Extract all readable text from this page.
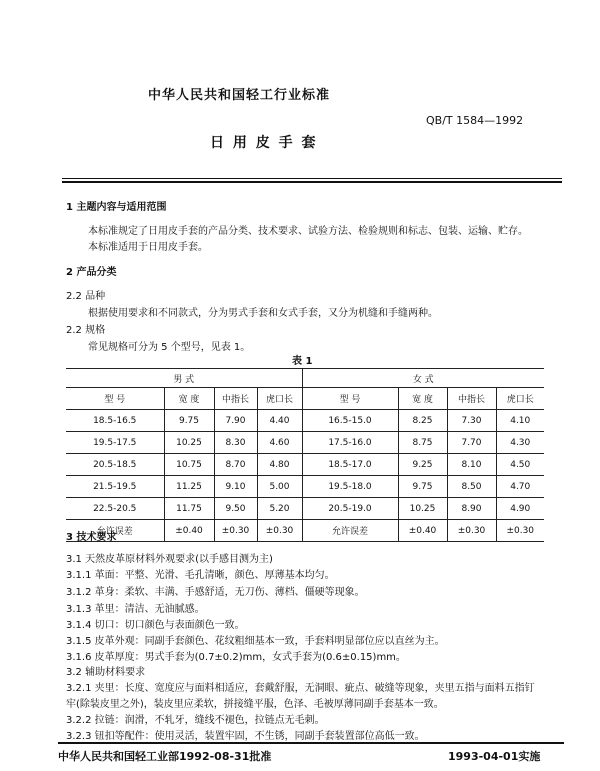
中华人民共和国轻工行业标准
QB/T 1584—1992
日 用 皮 手 套
1 主题内容与适用范围
本标准规定了日用皮手套的产品分类、技术要求、试验方法、检验规则和标志、包装、运输、贮存。
本标准适用于日用皮手套。
2 产品分类
2.2 品种
根据使用要求和不同款式，分为男式手套和女式手套，又分为机缝和手缝两种。
2.2 规格
常见规格可分为 5 个型号，见表 1。
表 1
男 式				女 式			
型 号	宽 度	中指长	虎口长	型 号	宽 度	中指长	虎口长
18.5-16.5	9.75	7.90	4.40	16.5-15.0	8.25	7.30	4.10
19.5-17.5	10.25	8.30	4.60	17.5-16.0	8.75	7.70	4.30
20.5-18.5	10.75	8.70	4.80	18.5-17.0	9.25	8.10	4.50
21.5-19.5	11.25	9.10	5.00	19.5-18.0	9.75	8.50	4.70
22.5-20.5	11.75	9.50	5.20	20.5-19.0	10.25	8.90	4.90
允许误差	±0.40	±0.30	±0.30	允许误差	±0.40	±0.30	±0.30
3 技术要求
3.1 天然皮革原材料外观要求(以手感目测为主)
3.1.1 革面：平整、光滑、毛孔清晰，颜色、厚薄基本均匀。
3.1.2 革身：柔软、丰满、手感舒适，无刀伤、薄档、僵硬等现象。
3.1.3 革里：清洁、无油腻感。
3.1.4 切口：切口颜色与表面颜色一致。
3.1.5 皮革外观：同副手套颜色、花纹粗细基本一致，手套料明显部位应以直丝为主。
3.1.6 皮革厚度：男式手套为(0.7±0.2)mm，女式手套为(0.6±0.15)mm。
3.2 辅助材料要求
3.2.1 夹里：长度、宽度应与面料相适应，套戴舒服，无洞眼、疵点、破缝等现象，夹里五指与面料五指钉
牢(除装皮里之外)，装皮里应柔软，拼接缝平服，色泽、毛被厚薄同副手套基本一致。
3.2.2 拉链：润滑，不轧牙，缝线不褪色，拉链点无毛刺。
3.2.3 钮扣等配件：使用灵活，装置牢固，不生锈，同副手套装置部位高低一致。
中华人民共和国轻工业部1992-08-31批准	1993-04-01实施
